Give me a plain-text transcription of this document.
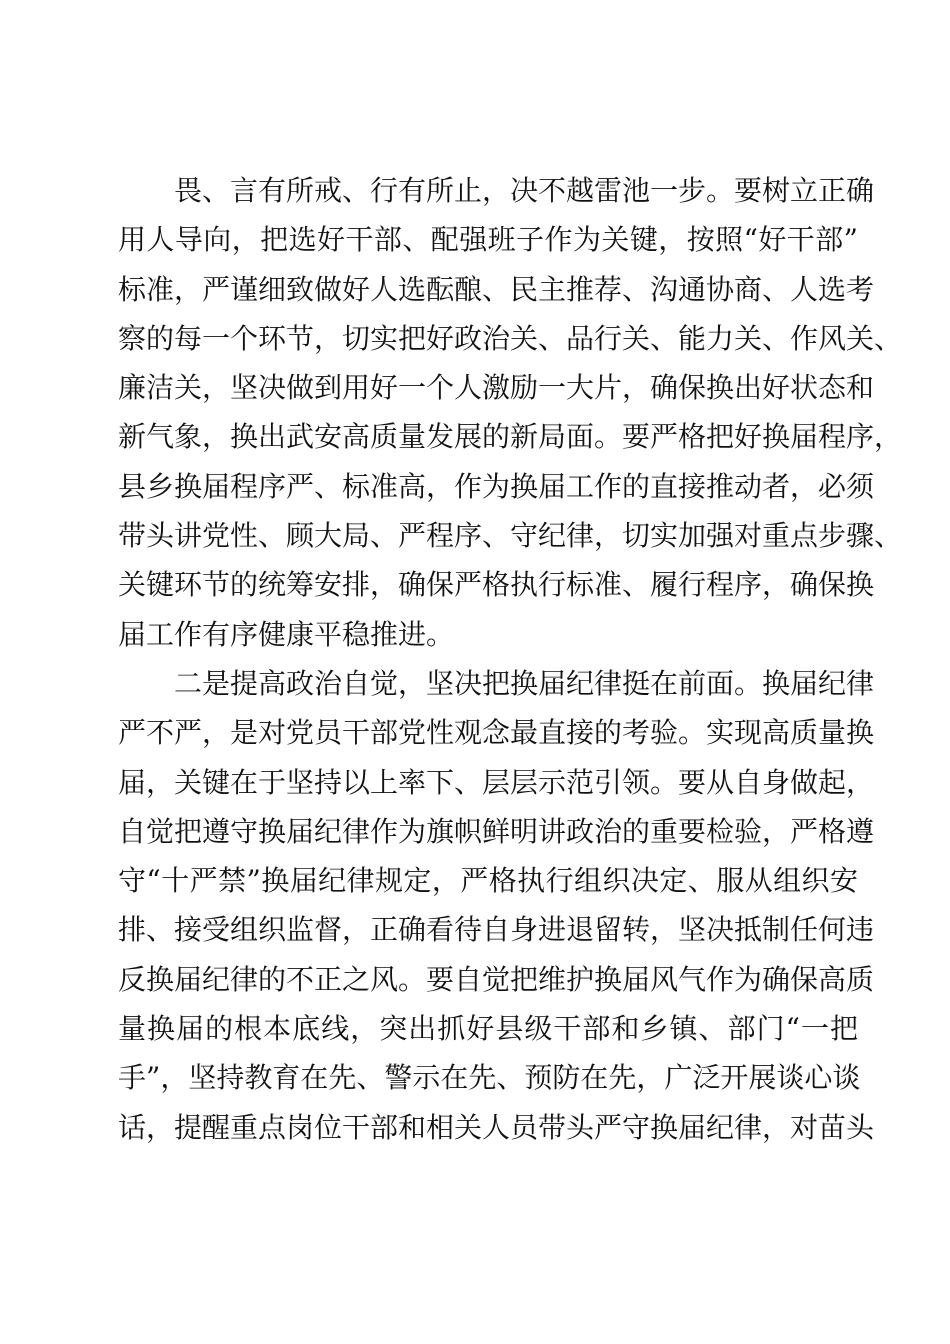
畏、言有所戒、行有所止，决不越雷池一步。要树立正确
用人导向，把选好干部、配强班子作为关键，按照“好干部”
标准，严谨细致做好人选酝酿、民主推荐、沟通协商、人选考
察的每一个环节，切实把好政治关、品行关、能力关、作风关、
廉洁关，坚决做到用好一个人激励一大片，确保换出好状态和
新气象，换出武安高质量发展的新局面。要严格把好换届程序，
县乡换届程序严、标准高，作为换届工作的直接推动者，必须
带头讲党性、顾大局、严程序、守纪律，切实加强对重点步骤、
关键环节的统筹安排，确保严格执行标准、履行程序，确保换
届工作有序健康平稳推进。
二是提高政治自觉，坚决把换届纪律挺在前面。换届纪律
严不严，是对党员干部党性观念最直接的考验。实现高质量换
届，关键在于坚持以上率下、层层示范引领。要从自身做起，
自觉把遵守换届纪律作为旗帜鲜明讲政治的重要检验，严格遵
守“十严禁”换届纪律规定，严格执行组织决定、服从组织安
排、接受组织监督，正确看待自身进退留转，坚决抵制任何违
反换届纪律的不正之风。要自觉把维护换届风气作为确保高质
量换届的根本底线，突出抓好县级干部和乡镇、部门“一把
手”，坚持教育在先、警示在先、预防在先，广泛开展谈心谈
话，提醒重点岗位干部和相关人员带头严守换届纪律，对苗头
